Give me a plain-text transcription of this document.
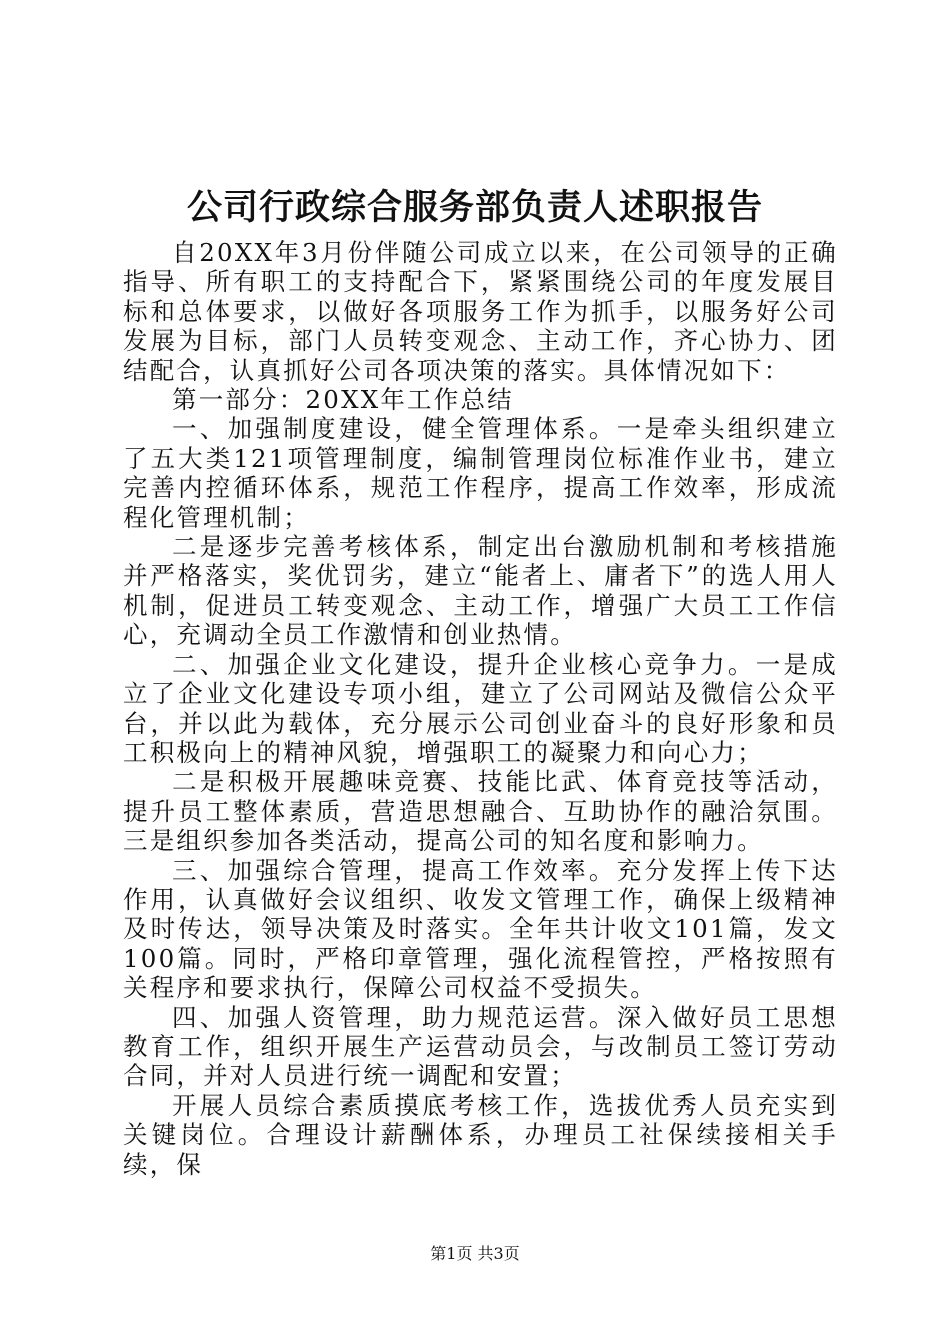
公司行政综合服务部负责人述职报告

自20XX年3月份伴随公司成立以来，在公司领导的正确指导、所有职工的支持配合下，紧紧围绕公司的年度发展目标和总体要求，以做好各项服务工作为抓手，以服务好公司发展为目标，部门人员转变观念、主动工作，齐心协力、团结配合，认真抓好公司各项决策的落实。具体情况如下：

第一部分：20XX年工作总结

一、加强制度建设，健全管理体系。一是牵头组织建立了五大类121项管理制度，编制管理岗位标准作业书，建立完善内控循环体系，规范工作程序，提高工作效率，形成流程化管理机制；

二是逐步完善考核体系，制定出台激励机制和考核措施并严格落实，奖优罚劣，建立“能者上、庸者下”的选人用人机制，促进员工转变观念、主动工作，增强广大员工工作信心，充调动全员工作激情和创业热情。

二、加强企业文化建设，提升企业核心竞争力。一是成立了企业文化建设专项小组，建立了公司网站及微信公众平台，并以此为载体，充分展示公司创业奋斗的良好形象和员工积极向上的精神风貌，增强职工的凝聚力和向心力；

二是积极开展趣味竞赛、技能比武、体育竞技等活动，提升员工整体素质，营造思想融合、互助协作的融洽氛围。三是组织参加各类活动，提高公司的知名度和影响力。

三、加强综合管理，提高工作效率。充分发挥上传下达作用，认真做好会议组织、收发文管理工作，确保上级精神及时传达，领导决策及时落实。全年共计收文101篇，发文100篇。同时，严格印章管理，强化流程管控，严格按照有关程序和要求执行，保障公司权益不受损失。

四、加强人资管理，助力规范运营。深入做好员工思想教育工作，组织开展生产运营动员会，与改制员工签订劳动合同，并对人员进行统一调配和安置；

开展人员综合素质摸底考核工作，选拔优秀人员充实到关键岗位。合理设计薪酬体系，办理员工社保续接相关手续，保

第1页 共3页
